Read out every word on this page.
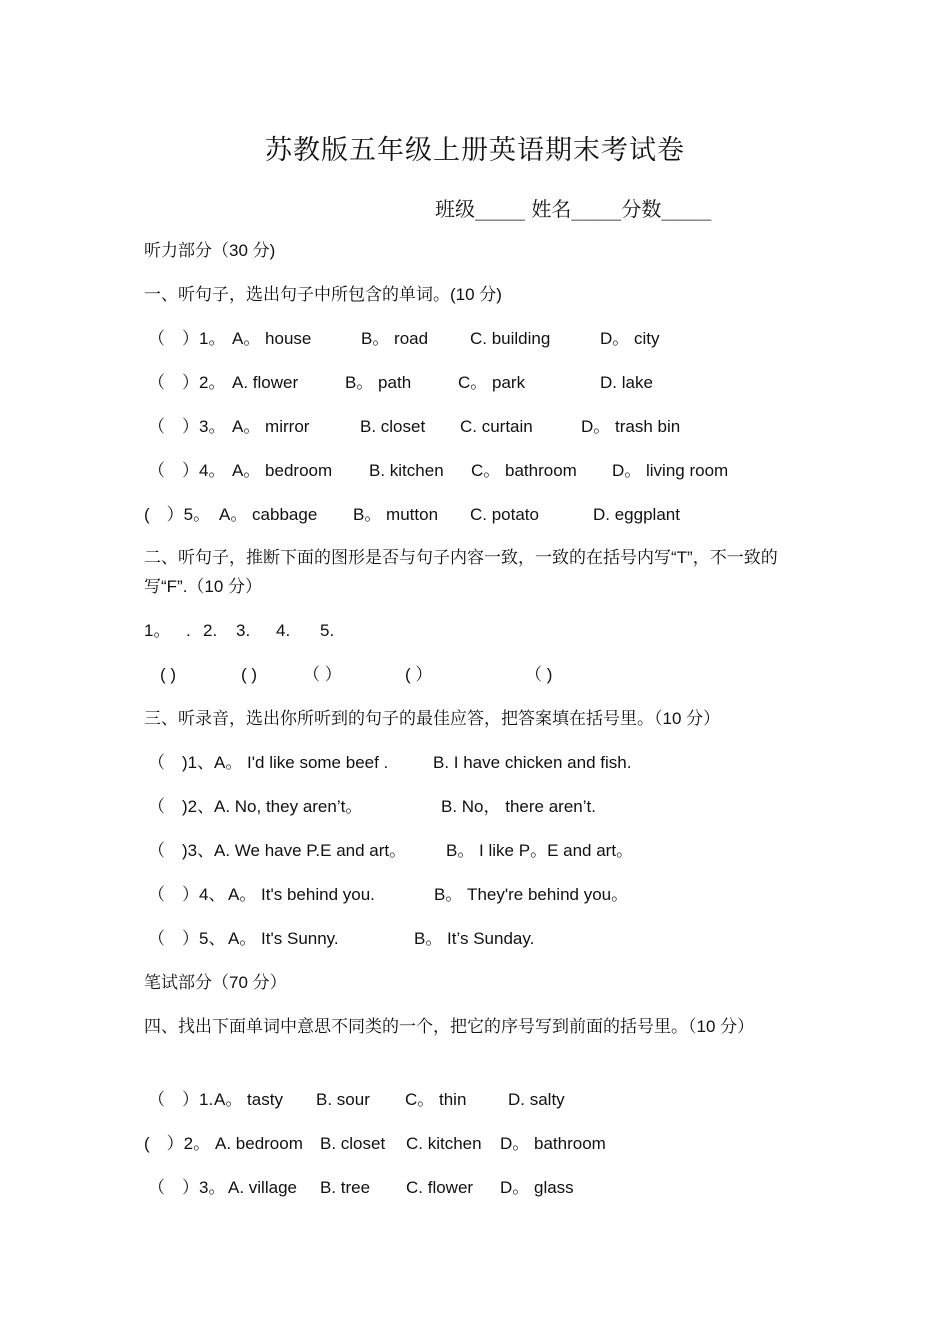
苏教版五年级上册英语期末考试卷
班级_____ 姓名_____分数_____
听力部分（30 分)
一、听句子，选出句子中所包含的单词。(10 分)
（　）1。 A。 house	B。 road C. building	D。 city
（　）2。 A. flower	B。 path	C。 park	D. lake
（　）3。 A。 mirror	B. closet C. curtain	D。 trash bin
（　）4。 A。 bedroom B. kitchen C。 bathroom D。 living room
(　）5。 A。 cabbage B。 mutton C. potato	D. eggplant
二、听句子，推断下面的图形是否与句子内容一致，一致的在括号内写“T”，不一致的写“F”.（10 分）
1。 . 2. 3. 4. 5.
( )	( )	（ ）	( ）	（ )
三、听录音，选出你所听到的句子的最佳应答，把答案填在括号里。（10 分）
（　)1、 A。 I'd like some beef .	B. I have chicken and fish.
（　)2、 A. No, they aren’t。	B. No， there aren’t.
（　)3、 A. We have P.E and art。 B。 I like P。E and art。
（　）4、 A。 It's behind you.	B。 They're behind you。
（　）5、 A。 It's Sunny.	B。 It’s Sunday.
笔试部分（70 分）
四、找出下面单词中意思不同类的一个，把它的序号写到前面的括号里。（10 分）
（　）1. A。 tasty B. sour C。 thin D. salty
(　）2。 A. bedroom B. closet C. kitchen D。 bathroom
（　）3。 A. village B. tree C. flower D。 glass
